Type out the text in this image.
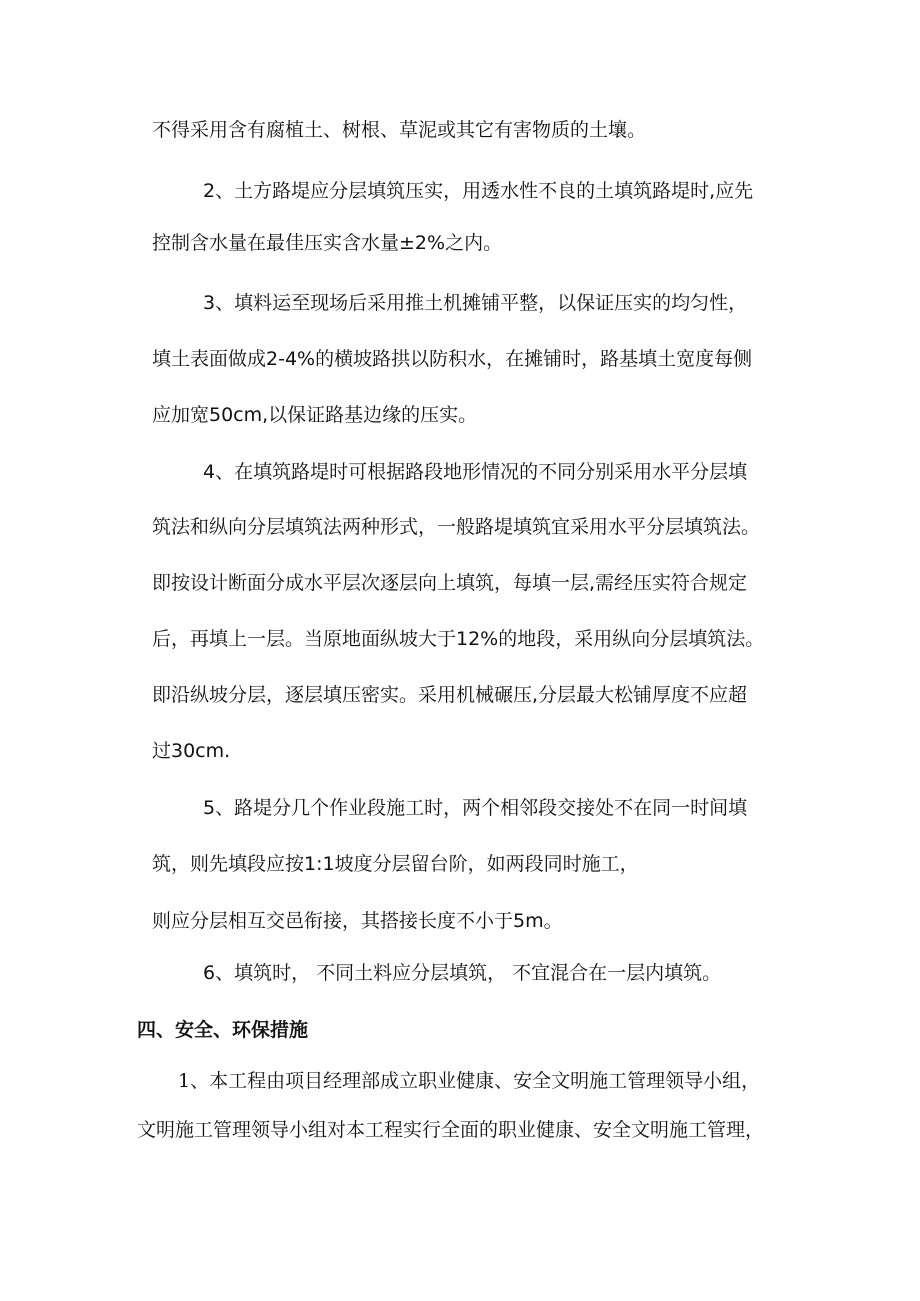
不得采用含有腐植土、树根、草泥或其它有害物质的土壤。
2、土方路堤应分层填筑压实，用透水性不良的土填筑路堤时,应先
控制含水量在最佳压实含水量±2%之内。
3、填料运至现场后采用推土机摊铺平整，以保证压实的均匀性，
填土表面做成2-4%的横坡路拱以防积水，在摊铺时，路基填土宽度每侧
应加宽50cm,以保证路基边缘的压实。
4、在填筑路堤时可根据路段地形情况的不同分别采用水平分层填
筑法和纵向分层填筑法两种形式，一般路堤填筑宜采用水平分层填筑法。
即按设计断面分成水平层次逐层向上填筑，每填一层,需经压实符合规定
后，再填上一层。当原地面纵坡大于12%的地段，采用纵向分层填筑法。
即沿纵坡分层，逐层填压密实。采用机械碾压,分层最大松铺厚度不应超
过30cm.
5、路堤分几个作业段施工时，两个相邻段交接处不在同一时间填
筑，则先填段应按1:1坡度分层留台阶，如两段同时施工，
则应分层相互交邑衔接，其搭接长度不小于5m。
6、填筑时， 不同土料应分层填筑， 不宜混合在一层内填筑。
四、安全、环保措施
1、本工程由项目经理部成立职业健康、安全文明施工管理领导小组，
文明施工管理领导小组对本工程实行全面的职业健康、安全文明施工管理，
